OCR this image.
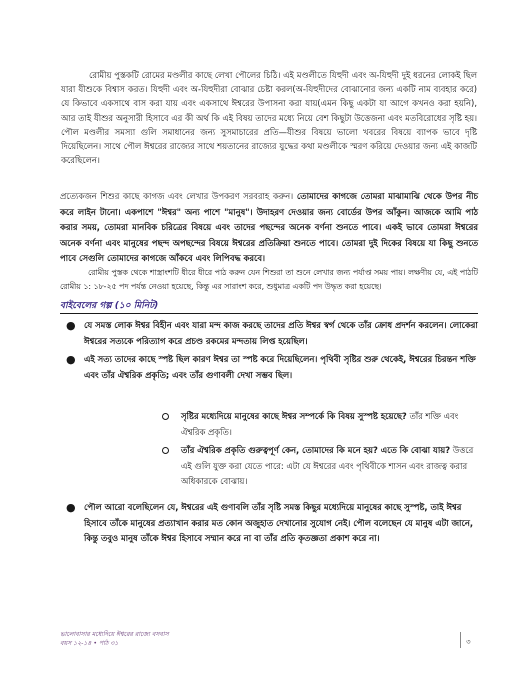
রোমীয় পুস্তকটি রোমের মণ্ডলীর কাছে লেখা পৌলের চিঠি। এই মণ্ডলীতে যিহুদী এবং অ-যিহুদী দুই ধরনের লোকই ছিল যারা যীশুকে বিশ্বাস করত। যিহুদী এবং অ-যিহুদীরা বোঝার চেষ্টা করল(অ-যিহুদীদের বোঝানোর জন্য একটি নাম ব্যবহার করে) যে কিভাবে একসাথে বাস করা যায় এবং একসাথে ঈশ্বরের উপাসনা করা যায়(এমন কিছু একটা যা আগে কখনও করা হয়নি), আর তাই যীশুর অনুসারী হিসাবে এর কী অর্থ কি এই বিষয় তাদের মধ্যে নিয়ে বেশ কিছুটা উত্তেজনা এবং মতবিরোধের সৃষ্টি হয়। পৌল মণ্ডলীর সমস্যা গুলি সমাধানের জন্য সুসমাচারের প্রতি—যীশুর বিষয়ে ভালো খবরের বিষয়ে ব্যাপক ভাবে দৃষ্টি দিয়েছিলেন। সাথে পৌল ঈশ্বরের রাজ্যের সাথে শয়তানের রাজ্যের যুদ্ধের কথা মণ্ডলীকে স্মরণ করিয়ে দেওয়ার জন্য এই কাজটি করেছিলেন।

প্রত্যেকজন শিশুর কাছে কাগজ এবং লেখার উপকরণ সরবরাহ করুন। তোমাদের কাগজে তোমরা মাঝামাঝি থেকে উপর নীচ করে লাইন টানো। একপাশে "ঈশ্বর" অন্য পাশে "মানুষ"। উদাহরণ দেওয়ার জন্য বোর্ডের উপর আঁকুন। আজকে আমি পাঠ করার সময়, তোমরা মানবিক চরিত্রের বিষয়ে এবং তাদের পছন্দের অনেক বর্ণনা শুনতে পাবে। একই ভাবে তোমরা ঈশ্বরের অনেক বর্ণনা এবং মানুষের পছন্দ অপছন্দের বিষয়ে ঈশ্বরের প্রতিক্রিয়া শুনতে পাবে। তোমরা দুই দিকের বিষয়ে যা কিছু শুনতে পাবে সেগুলি তোমাদের কাগজে আঁকবে এবং লিপিবদ্ধ করবে।

রোমীয় পুস্তক থেকে শাস্ত্রাংশটি ধীরে ধীরে পাঠ করুন যেন শিশুরা তা শুনে লেখার জন্য পর্যাপ্ত সময় পায়। লক্ষণীয় যে, এই পাঠটি রোমীয় ১: ১৮-২৫ পদ পর্যন্ত নেওয়া হয়েছে, কিন্তু এর সারাংশ করে, শুধুমাত্র একটি পদ উদ্ধৃত করা হয়েছে।

বাইবেলের গল্প (১০ মিনিট)
● যে সমস্ত লোক ঈশ্বর বিহীন এবং যারা মন্দ কাজ করছে তাদের প্রতি ঈশ্বর স্বর্গ থেকে তাঁর ক্রোধ প্রদর্শন করলেন। লোকেরা ঈশ্বরের সত্যকে পরিত্যাগ করে প্রচণ্ড রকমের মন্দতায় লিপ্ত হয়েছিল।

● এই সত্য তাদের কাছে স্পষ্ট ছিল কারণ ঈশ্বর তা স্পষ্ট করে দিয়েছিলেন। পৃথিবী সৃষ্টির শুরু থেকেই, ঈশ্বরের চিরন্তন শক্তি এবং তাঁর ঐশ্বরিক প্রকৃতি; এবং তাঁর গুণাবলী দেখা সম্ভব ছিল।

সৃষ্টির মধ্যেদিয়ে মানুষের কাছে ঈশ্বর সম্পর্কে কি বিষয় সুস্পষ্ট হয়েছে? তাঁর শক্তি এবং ঐশ্বরিক প্রকৃতি।

তাঁর ঐশ্বরিক প্রকৃতি গুরুত্বপূর্ণ কেন, তোমাদের কি মনে হয়? এতে কি বোঝা যায়? উত্তরে এই গুলি যুক্ত করা যেতে পারে: এটা যে ঈশ্বরের এবং পৃথিবীকে শাসন এবং রাজত্ব করার অধিকারকে বোঝায়।

● পৌল আরো বলেছিলেন যে, ঈশ্বরের এই গুণাবলি তাঁর সৃষ্টি সমস্ত কিছুর মধ্যেদিয়ে মানুষের কাছে সুস্পষ্ট, তাই ঈশ্বর হিসাবে তাঁকে মানুষের প্রত্যাখান করার মত কোন অজুহাত দেখানোর সুযোগ নেই। পৌল বলেছেন যে মানুষ এটা জানে, কিন্তু তবুও মানুষ তাঁকে ঈশ্বর হিসাবে সম্মান করে না বা তাঁর প্রতি কৃতজ্ঞতা প্রকাশ করে না।

ভালোবাসার মধ্যেদিয়ে ঈশ্বরের রাজ্যে বসবাস
বয়স ১২-১৪ • পাঠ ৩১	৩
